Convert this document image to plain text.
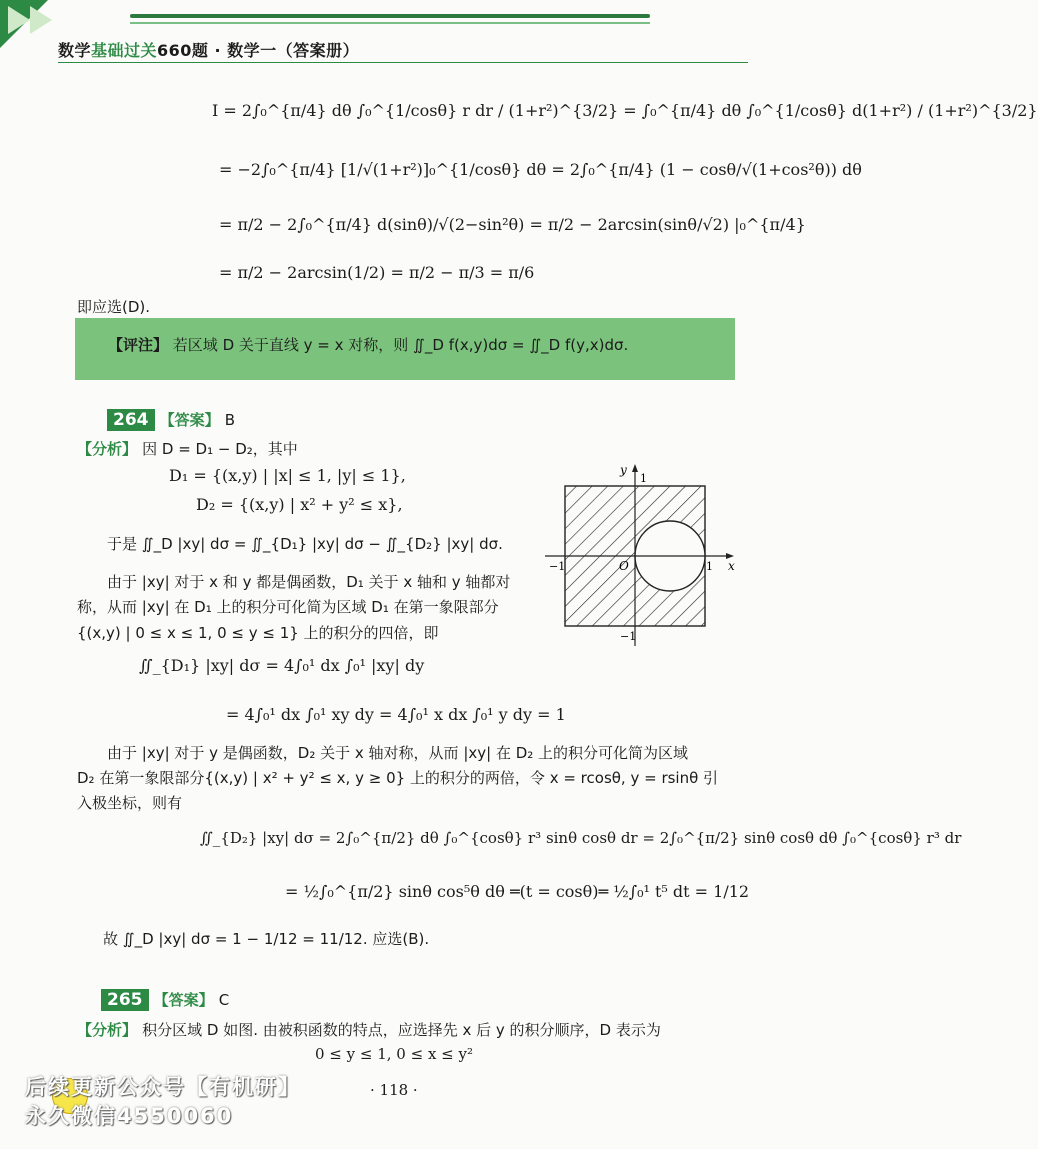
数学基础过关660题 · 数学一（答案册）
I = 2∫₀^{π/4} dθ ∫₀^{1/cosθ} r dr / (1+r²)^{3/2} = ∫₀^{π/4} dθ ∫₀^{1/cosθ} d(1+r²) / (1+r²)^{3/2}
= −2∫₀^{π/4} [1/√(1+r²)]₀^{1/cosθ} dθ = 2∫₀^{π/4} (1 − cosθ/√(1+cos²θ)) dθ
= π/2 − 2∫₀^{π/4} d(sinθ)/√(2−sin²θ) = π/2 − 2arcsin(sinθ/√2) |₀^{π/4}
= π/2 − 2arcsin(1/2) = π/2 − π/3 = π/6
即应选(D).
【评注】 若区域 D 关于直线 y = x 对称，则 ∬_D f(x,y)dσ = ∬_D f(y,x)dσ.
264 【答案】 B
【分析】 因 D = D₁ − D₂，其中
D₁ = {(x,y) | |x| ≤ 1, |y| ≤ 1},
D₂ = {(x,y) | x² + y² ≤ x},
于是 ∬_D |xy| dσ = ∬_{D₁} |xy| dσ − ∬_{D₂} |xy| dσ.
由于 |xy| 对于 x 和 y 都是偶函数，D₁ 关于 x 轴和 y 轴都对
称，从而 |xy| 在 D₁ 上的积分可化简为区域 D₁ 在第一象限部分
{(x,y) | 0 ≤ x ≤ 1, 0 ≤ y ≤ 1} 上的积分的四倍，即
∬_{D₁} |xy| dσ = 4∫₀¹ dx ∫₀¹ |xy| dy
= 4∫₀¹ dx ∫₀¹ xy dy = 4∫₀¹ x dx ∫₀¹ y dy = 1
x
y
O	1
−1
1
−1
由于 |xy| 对于 y 是偶函数，D₂ 关于 x 轴对称，从而 |xy| 在 D₂ 上的积分可化简为区域
D₂ 在第一象限部分{(x,y) | x² + y² ≤ x, y ≥ 0} 上的积分的两倍，令 x = rcosθ, y = rsinθ 引
入极坐标，则有
∬_{D₂} |xy| dσ = 2∫₀^{π/2} dθ ∫₀^{cosθ} r³ sinθ cosθ dr = 2∫₀^{π/2} sinθ cosθ dθ ∫₀^{cosθ} r³ dr
= ½∫₀^{π/2} sinθ cos⁵θ dθ ═(t = cosθ)═ ½∫₀¹ t⁵ dt = 1/12
故 ∬_D |xy| dσ = 1 − 1/12 = 11/12. 应选(B).
265 【答案】 C
【分析】 积分区域 D 如图. 由被积函数的特点，应选择先 x 后 y 的积分顺序，D 表示为
0 ≤ y ≤ 1, 0 ≤ x ≤ y²
· 118 ·
后续更新公众号【有机研】
永久微信4550060
